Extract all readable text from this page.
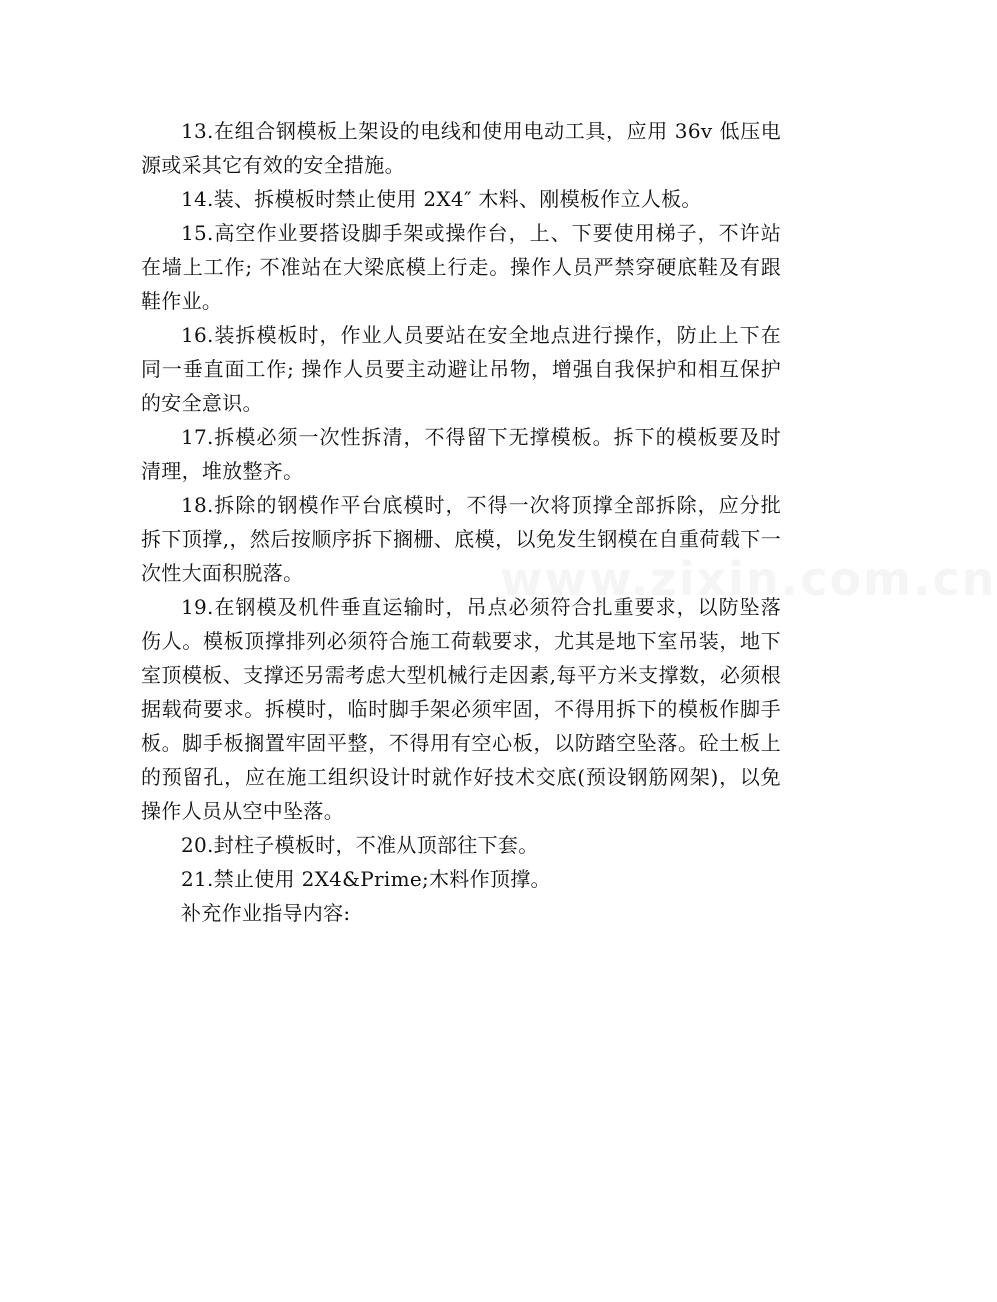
www.zixin.com.cn

13.在组合钢模板上架设的电线和使用电动工具，应用 36v 低压电源或采其它有效的安全措施。

14.装、拆模板时禁止使用 2X4″ 木料、刚模板作立人板。

15.高空作业要搭设脚手架或操作台，上、下要使用梯子，不许站在墙上工作; 不准站在大梁底模上行走。操作人员严禁穿硬底鞋及有跟鞋作业。

16.装拆模板时，作业人员要站在安全地点进行操作，防止上下在同一垂直面工作; 操作人员要主动避让吊物，增强自我保护和相互保护的安全意识。

17.拆模必须一次性拆清，不得留下无撑模板。拆下的模板要及时清理，堆放整齐。

18.拆除的钢模作平台底模时，不得一次将顶撑全部拆除，应分批拆下顶撑,，然后按顺序拆下搁栅、底模，以免发生钢模在自重荷载下一次性大面积脱落。

19.在钢模及机件垂直运输时，吊点必须符合扎重要求，以防坠落伤人。模板顶撑排列必须符合施工荷载要求，尤其是地下室吊装，地下室顶模板、支撑还另需考虑大型机械行走因素,每平方米支撑数，必须根据载荷要求。拆模时，临时脚手架必须牢固，不得用拆下的模板作脚手板。脚手板搁置牢固平整，不得用有空心板，以防踏空坠落。砼土板上的预留孔，应在施工组织设计时就作好技术交底(预设钢筋网架)，以免操作人员从空中坠落。

20.封柱子模板时，不准从顶部往下套。

21.禁止使用 2X4&Prime;木料作顶撑。

补充作业指导内容:
